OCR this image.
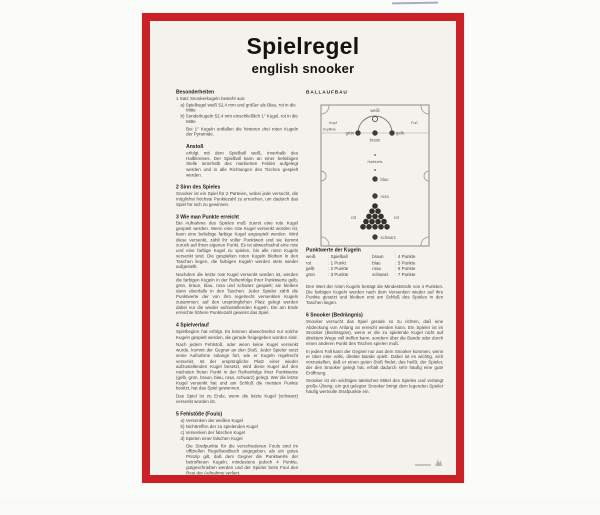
Spielregel
english snooker
Besonderheiten
1 Satz Snookerkugeln besteht aus:
a) Spielkugel weiß 52,4 mm und größer als Blau, rot in die Mitte
b) Sonderkugeln 52,4 mm einschließlich 1″ Kugel, rot in die Mitte
Bei 1″ Kugeln entfallen die hinteren drei roten Kugeln der Pyramide.
Anstoß
erfolgt mit dem Spielball weiß, innerhalb des Halbkreises. Der Spielball kann an einer beliebigen Stelle innerhalb des markierten Feldes aufgelegt werden und in alle Richtungen des Tisches gespielt werden.
2 Sinn des Spieles
Snooker ist ein Spiel für 2 Parteien, wobei jede versucht, die möglichst höchste Punktezahl zu erreichen, um dadurch das Spiel für sich zu gewinnen.
3 Wie man Punkte erreicht
Bei Aufnahme des Spieles muß zuerst eine rote Kugel gespielt werden. Wenn eine rote Kugel versenkt worden ist, kann eine beliebige farbige Kugel angespielt werden. Wird diese versenkt, zählt ihr voller Punktwert und sie kommt zurück auf ihren eigenen Punkt. Es ist abwechselnd eine rote und eine farbige Kugel zu spielen, bis alle roten Kugeln versenkt sind. Die gespielten roten Kugeln bleiben in den Taschen liegen, die farbigen Kugeln werden stets wieder aufgestellt.
Nachdem die letzte rote Kugel versenkt worden ist, werden die farbigen Kugeln in der Reihenfolge ihrer Punktwerte gelb, grün, braun, blau, rosa und schwarz gespielt; sie bleiben dann ebenfalls in den Taschen. Jeder Spieler zählt die Punktwerte der von ihm regelrecht versenkten Kugeln zusammen; auf den ursprünglichen Platz gelegt werden dabei nur die wieder aufzustellenden Kugeln. Die am Ende erreichte höhere Punktezahl gewinnt das Spiel.
4 Spielverlauf
Spielbeginn hat erfolgt. Es können abwechselnd nur solche Kugeln gespielt werden, die gerade freigegeben worden sind.
Nach jedem Fehlstoß, oder wenn keine Kugel versenkt wurde, kommt der Gegner an den Stoß. Jeder Spieler setzt seine Aufnahme solange fort, wie er Kugeln regelrecht versenkt. Ist der ursprüngliche Platz einer wieder aufzustellenden Kugel besetzt, wird diese Kugel auf den nächsten freien Punkt in der Reihenfolge ihrer Punktwerte (gelb, grün, braun, blau, rosa, schwarz) gelegt. Wer die letzte Kugel versenkt hat und am Schluß die meisten Punkte besitzt, hat das Spiel gewonnen.
Das Spiel ist zu Ende, wenn die letzte Kugel (schwarz) versenkt worden ist.
5 Fehlstöße (Fouls)
a) Versenken der weißen Kugel
b) Nichttreffen der zu spielenden Kugel
c) Versenken der falschen Kugel
d) Spielen einer falschen Kugel
Die Strafpunkte für die verschiedenen Fouls sind im offiziellen Regelhandbuch angegeben; als ein gutes Prinzip gilt, daß dem Gegner die Punktwerte der betroffenen Kugeln, mindestens jedoch 4 Punkte, gutgeschrieben werden und der Spieler beim Foul den Rest der Aufnahme verliert.
BALLAUFBAU
weiß
Kopf	Fuß
Kopflinie
grün	gelb
braun
Halbkreis
blau
rosa
rot	rot
schwarz
Punktwerte der Kugeln
weiß	: Spielball	braun	: 4 Punkte
rot	: 1 Punkt	blau	: 5 Punkte
gelb	: 2 Punkte	rosa	: 6 Punkte
grün	: 3 Punkte	schwarz : 7 Punkte
Den Wert der roten Kugeln beträgt die Mindeststrafe von 4 Punkten. Die farbigen Kugeln werden nach dem Versenken wieder auf ihre Punkte gesetzt und bleiben erst am Schluß des Spieles in den Taschen liegen.
6 Snooker (Bedrängnis)
Snooker versucht das Spiel gerade so zu richten, daß eine Abdeckung von Anfang an erreicht werden kann. Ein Spieler ist im Snooker (Bedrängnis), wenn er die zu spielende Kugel nicht auf direktem Wege voll treffen kann, sondern über die Bande oder durch einen anderen Punkt des Tisches spielen muß.
In jedem Fall kann der Gegner nur aus dem Snooker kommen, wenn er über eine volle, direkte Bande spielt. Dabei ist es wichtig, sich vorzustellen, daß er einen guten Stoß findet; das heißt, der Spieler, der den Snooker gelegt hat, erhält dadurch sehr häufig eine gute Eröffnung.
Snooker ist ein wichtiges taktisches Mittel des Spieles und verlangt große Übung; ein gut gelegter Snooker bringt dem legenden Spieler häufig wertvolle Strafpunkte ein.
